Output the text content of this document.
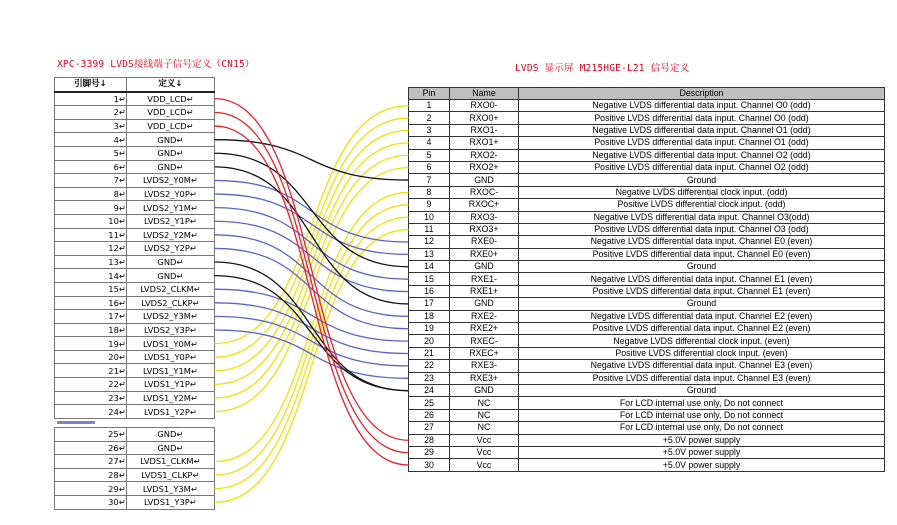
XPC-3399 LVDS接线端子信号定义（CN15）	LVDS 显示屏 M215HGE-L21 信号定义
引脚号↓	定义↓
1↵	VDD_LCD↵
2↵	VDD_LCD↵
3↵	VDD_LCD↵
4↵	GND↵
5↵	GND↵
6↵	GND↵
7↵	LVDS2_Y0M↵
8↵	LVDS2_Y0P↵
9↵	LVDS2_Y1M↵
10↵	LVDS2_Y1P↵
11↵	LVDS2_Y2M↵
12↵	LVDS2_Y2P↵
13↵	GND↵
14↵	GND↵
15↵	LVDS2_CLKM↵
16↵	LVDS2_CLKP↵
17↵	LVDS2_Y3M↵
18↵	LVDS2_Y3P↵
19↵	LVDS1_Y0M↵
20↵	LVDS1_Y0P↵
21↵	LVDS1_Y1M↵
22↵	LVDS1_Y1P↵
23↵	LVDS1_Y2M↵
24↵	LVDS1_Y2P↵
25↵	GND↵
26↵	GND↵
27↵	LVDS1_CLKM↵
28↵	LVDS1_CLKP↵
29↵	LVDS1_Y3M↵
30↵	LVDS1_Y3P↵
Pin	Name	Description
1	RXO0-	Negative LVDS differential data input. Channel O0 (odd)
2	RXO0+	Positive LVDS differential data input. Channel O0 (odd)
3	RXO1-	Negative LVDS differential data input. Channel O1 (odd)
4	RXO1+	Positive LVDS differential data input. Channel O1 (odd)
5	RXO2-	Negative LVDS differential data input. Channel O2 (odd)
6	RXO2+	Positive LVDS differential data input. Channel O2 (odd)
7	GND	Ground
8	RXOC-	Negative LVDS differential clock input. (odd)
9	RXOC+	Positive LVDS differential clock input. (odd)
10	RXO3-	Negative LVDS differential data input. Channel O3(odd)
11	RXO3+	Positive LVDS differential data input. Channel O3 (odd)
12	RXE0-	Negative LVDS differential data input. Channel E0 (even)
13	RXE0+	Positive LVDS differential data input. Channel E0 (even)
14	GND	Ground
15	RXE1-	Negative LVDS differential data input. Channel E1 (even)
16	RXE1+	Positive LVDS differential data input. Channel E1 (even)
17	GND	Ground
18	RXE2-	Negative LVDS differential data input. Channel E2 (even)
19	RXE2+	Positive LVDS differential data input. Channel E2 (even)
20	RXEC-	Negative LVDS differential clock input. (even)
21	RXEC+	Positive LVDS differential clock input. (even)
22	RXE3-	Negative LVDS differential data input. Channel E3 (even)
23	RXE3+	Positive LVDS differential data input. Channel E3 (even)
24	GND	Ground
25	NC	For LCD internal use only, Do not connect
26	NC	For LCD internal use only, Do not connect
27	NC	For LCD internal use only, Do not connect
28	Vcc	+5.0V power supply
29	Vcc	+5.0V power supply
30	Vcc	+5.0V power supply
